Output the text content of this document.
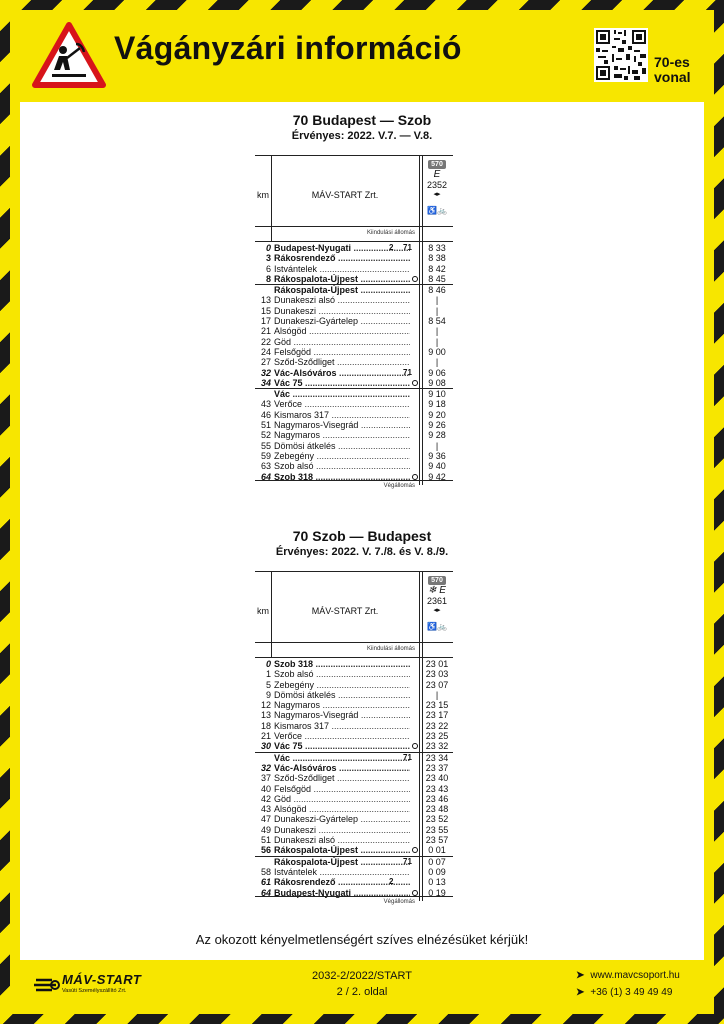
Vágányzári információ	70-es
vonal
70 Budapest — Szob
Érvényes: 2022. V.7. — V.8.
km	MÁV-START Zrt.
570
E
2352
◂▸
♿🚲
Kiindulási állomás
0 Budapest-Nyugati .....	2 71	8 33
3 Rákosrendező .....	8 38
6 Istvántelek .....	8 42
8 Rákospalota-Újpest .....	8 45
Rákospalota-Újpest .....	8 46
13 Dunakeszi alsó .....	|
15 Dunakeszi .....	|
17 Dunakeszi-Gyártelep .....	8 54
21 Alsógöd .....	|
22 Göd .....	|
24 Felsőgöd .....	9 00
27 Sződ-Sződliget .....	|
32 Vác-Alsóváros .....	71	9 06
34 Vác 75 .....	9 08
Vác .....	9 10
43 Verőce .....	9 18
46 Kismaros 317 .....	9 20
51 Nagymaros-Visegrád .....	9 26
52 Nagymaros .....	9 28
55 Dömösi átkelés .....	|
59 Zebegény .....	9 36
63 Szob alsó .....	9 40
64 Szob 318 .....	9 42
Végállomás
70 Szob — Budapest
Érvényes: 2022. V. 7./8. és V. 8./9.
km	MÁV-START Zrt.
570
❄ E
2361
◂▸
♿🚲
Kiindulási állomás
0 Szob 318 .....	23 01
1 Szob alsó .....	23 03
5 Zebegény .....	23 07
9 Dömösi átkelés .....	|
12 Nagymaros .....	23 15
13 Nagymaros-Visegrád .....	23 17
18 Kismaros 317 .....	23 22
21 Verőce .....	23 25
30 Vác 75 .....	23 32
Vác .....	71	23 34
32 Vác-Alsóváros .....	23 37
37 Sződ-Sződliget .....	23 40
40 Felsőgöd .....	23 43
42 Göd .....	23 46
43 Alsógöd .....	23 48
47 Dunakeszi-Gyártelep .....	23 52
49 Dunakeszi .....	23 55
51 Dunakeszi alsó .....	23 57
56 Rákospalota-Újpest .....	0 01
Rákospalota-Újpest .....	71	0 07
58 Istvántelek .....	0 09
61 Rákosrendező .....	2	0 13
64 Budapest-Nyugati .....	0 19
Végállomás
Az okozott kényelmetlenségért szíves elnézésüket kérjük!
MÁV-START
Vasúti Személyszállító Zrt.
2032-2/2022/START
2 / 2. oldal
➤ www.mavcsoport.hu
➤ +36 (1) 3 49 49 49
